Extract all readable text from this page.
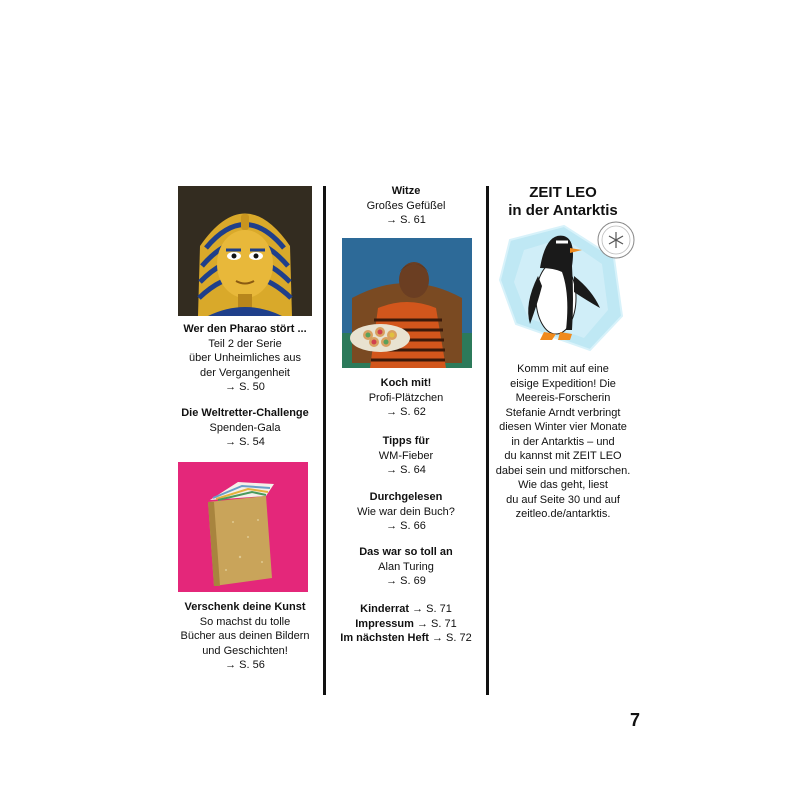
Wer den Pharao stört ...
Teil 2 der Serie
über Unheimliches aus
der Vergangenheit
→ S. 50
Die Weltretter-Challenge
Spenden-Gala
→ S. 54
Verschenk deine Kunst
So machst du tolle
Bücher aus deinen Bildern
und Geschichten!
→ S. 56
Witze
Großes Gefüßel
→ S. 61
Koch mit!
Profi-Plätzchen
→ S. 62
Tipps für
WM-Fieber
→ S. 64
Durchgelesen
Wie war dein Buch?
→ S. 66
Das war so toll an
Alan Turing
→ S. 69
Kinderrat → S. 71
Impressum → S. 71
Im nächsten Heft → S. 72
ZEIT LEO
in der Antarktis
Komm mit auf eine
eisige Expedition! Die
Meereis-Forscherin
Stefanie Arndt verbringt
diesen Winter vier Monate
in der Antarktis – und
du kannst mit ZEIT LEO
dabei sein und mitforschen.
Wie das geht, liest
du auf Seite 30 und auf
zeitleo.de/antarktis.
7
